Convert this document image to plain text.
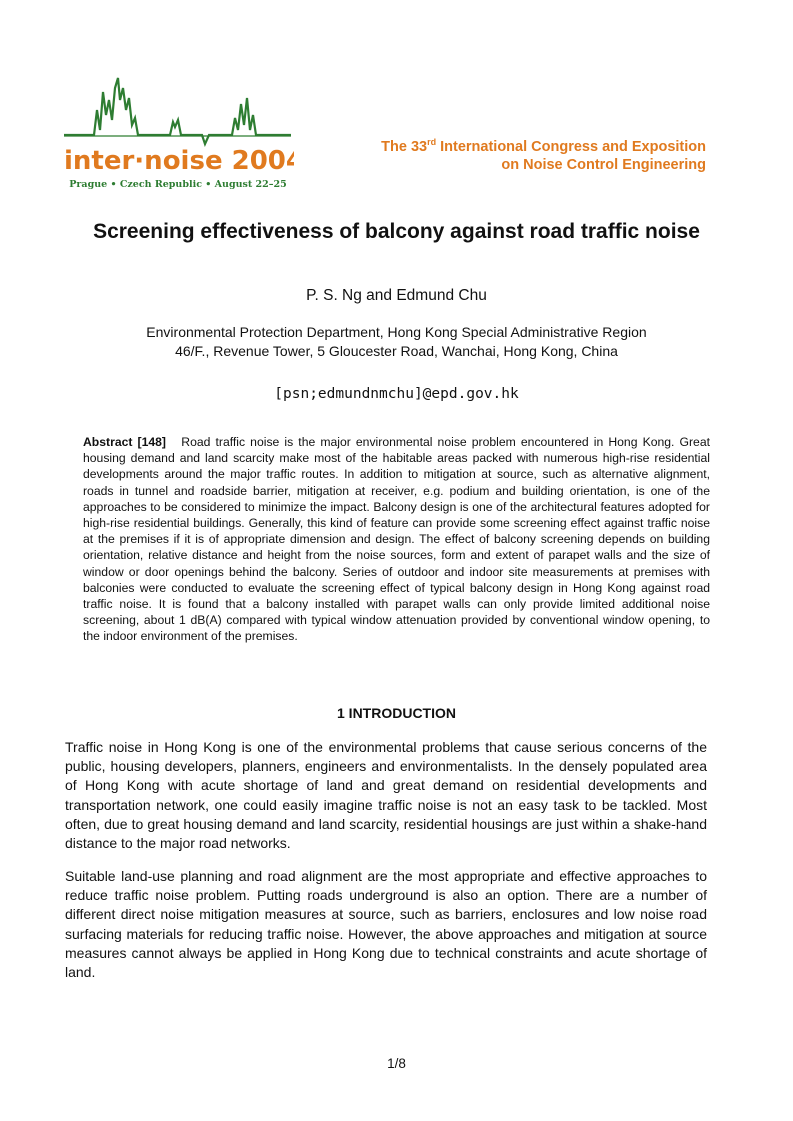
inter·noise 2004
Prague • Czech Republic • August 22–25
The 33rd International Congress and Exposition
on Noise Control Engineering
Screening effectiveness of balcony against road traffic noise
P. S. Ng and Edmund Chu
Environmental Protection Department, Hong Kong Special Administrative Region
46/F., Revenue Tower, 5 Gloucester Road, Wanchai, Hong Kong, China
[psn;edmundnmchu]@epd.gov.hk
Abstract [148] Road traffic noise is the major environmental noise problem encountered in Hong Kong. Great housing demand and land scarcity make most of the habitable areas packed with numerous high-rise residential developments around the major traffic routes. In addition to mitigation at source, such as alternative alignment, roads in tunnel and roadside barrier, mitigation at receiver, e.g. podium and building orientation, is one of the approaches to be considered to minimize the impact. Balcony design is one of the architectural features adopted for high-rise residential buildings. Generally, this kind of feature can provide some screening effect against traffic noise at the premises if it is of appropriate dimension and design. The effect of balcony screening depends on building orientation, relative distance and height from the noise sources, form and extent of parapet walls and the size of window or door openings behind the balcony. Series of outdoor and indoor site measurements at premises with balconies were conducted to evaluate the screening effect of typical balcony design in Hong Kong against road traffic noise. It is found that a balcony installed with parapet walls can only provide limited additional noise screening, about 1 dB(A) compared with typical window attenuation provided by conventional window opening, to the indoor environment of the premises.
1 INTRODUCTION
Traffic noise in Hong Kong is one of the environmental problems that cause serious concerns of the public, housing developers, planners, engineers and environmentalists. In the densely populated area of Hong Kong with acute shortage of land and great demand on residential developments and transportation network, one could easily imagine traffic noise is not an easy task to be tackled. Most often, due to great housing demand and land scarcity, residential housings are just within a shake-hand distance to the major road networks.
Suitable land-use planning and road alignment are the most appropriate and effective approaches to reduce traffic noise problem. Putting roads underground is also an option. There are a number of different direct noise mitigation measures at source, such as barriers, enclosures and low noise road surfacing materials for reducing traffic noise. However, the above approaches and mitigation at source measures cannot always be applied in Hong Kong due to technical constraints and acute shortage of land.
1/8
